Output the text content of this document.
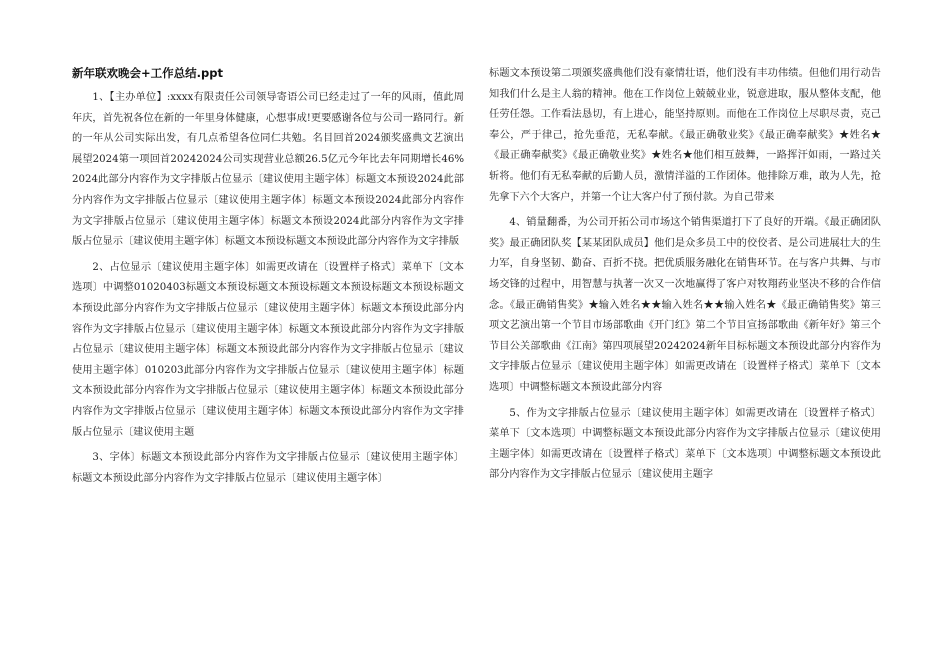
新年联欢晚会+工作总结.ppt

1、【主办单位】:xxxx有限责任公司领导寄语公司已经走过了一年的风雨，值此周年庆，首先祝各位在新的一年里身体健康，心想事成!更要感谢各位与公司一路同行。新的一年从公司实际出发，有几点希望各位同仁共勉。名目回首2024颁奖盛典文艺演出展望2024第一项回首20242024公司实现营业总额26.5亿元今年比去年同期增长46%2024此部分内容作为文字排版占位显示〔建议使用主题字体〕标题文本预设2024此部分内容作为文字排版占位显示〔建议使用主题字体〕标题文本预设2024此部分内容作为文字排版占位显示〔建议使用主题字体〕标题文本预设2024此部分内容作为文字排版占位显示〔建议使用主题字体〕标题文本预设标题文本预设此部分内容作为文字排版

2、占位显示〔建议使用主题字体〕如需更改请在〔设置样子格式〕菜单下〔文本选项〕中调整01020403标题文本预设标题文本预设标题文本预设标题文本预设标题文本预设此部分内容作为文字排版占位显示〔建议使用主题字体〕标题文本预设此部分内容作为文字排版占位显示〔建议使用主题字体〕标题文本预设此部分内容作为文字排版占位显示〔建议使用主题字体〕标题文本预设此部分内容作为文字排版占位显示〔建议使用主题字体〕010203此部分内容作为文字排版占位显示〔建议使用主题字体〕标题文本预设此部分内容作为文字排版占位显示〔建议使用主题字体〕标题文本预设此部分内容作为文字排版占位显示〔建议使用主题字体〕标题文本预设此部分内容作为文字排版占位显示〔建议使用主题

3、字体〕标题文本预设此部分内容作为文字排版占位显示〔建议使用主题字体〕标题文本预设此部分内容作为文字排版占位显示〔建议使用主题字体〕

标题文本预设第二项颁奖盛典他们没有豪情壮语，他们没有丰功伟绩。但他们用行动告知我们什么是主人翁的精神。他在工作岗位上兢兢业业，锐意进取，服从整体支配，他任劳任怨。工作看法恳切，有上进心，能坚持原则。而他在工作岗位上尽职尽责，克己奉公，严于律己，抢先垂范，无私奉献。《最正确敬业奖》《最正确奉献奖》★姓名★《最正确奉献奖》《最正确敬业奖》★姓名★他们相互鼓舞，一路挥汗如雨，一路过关斩将。他们有无私奉献的后勤人员，激情洋溢的工作团体。他排除万难，敢为人先，抢先拿下六个大客户，并第一个让大客户付了预付款。为自己带来

4、销量翻番，为公司开拓公司市场这个销售渠道打下了良好的开端。《最正确团队奖》最正确团队奖【某某团队成员】他们是众多员工中的佼佼者、是公司进展壮大的生力军，自身坚韧、勤奋、百折不挠。把优质服务融化在销售环节。在与客户共舞、与市场交锋的过程中，用智慧与执著一次又一次地赢得了客户对牧翔药业坚决不移的合作信念。《最正确销售奖》★输入姓名★★输入姓名★★输入姓名★《最正确销售奖》第三项文艺演出第一个节目市场部歌曲《开门红》第二个节目宣扬部歌曲《新年好》第三个节目公关部歌曲《江南》第四项展望20242024新年目标标题文本预设此部分内容作为文字排版占位显示〔建议使用主题字体〕如需更改请在〔设置样子格式〕菜单下〔文本选项〕中调整标题文本预设此部分内容

5、作为文字排版占位显示〔建议使用主题字体〕如需更改请在〔设置样子格式〕菜单下〔文本选项〕中调整标题文本预设此部分内容作为文字排版占位显示〔建议使用主题字体〕如需更改请在〔设置样子格式〕菜单下〔文本选项〕中调整标题文本预设此部分内容作为文字排版占位显示〔建议使用主题字
